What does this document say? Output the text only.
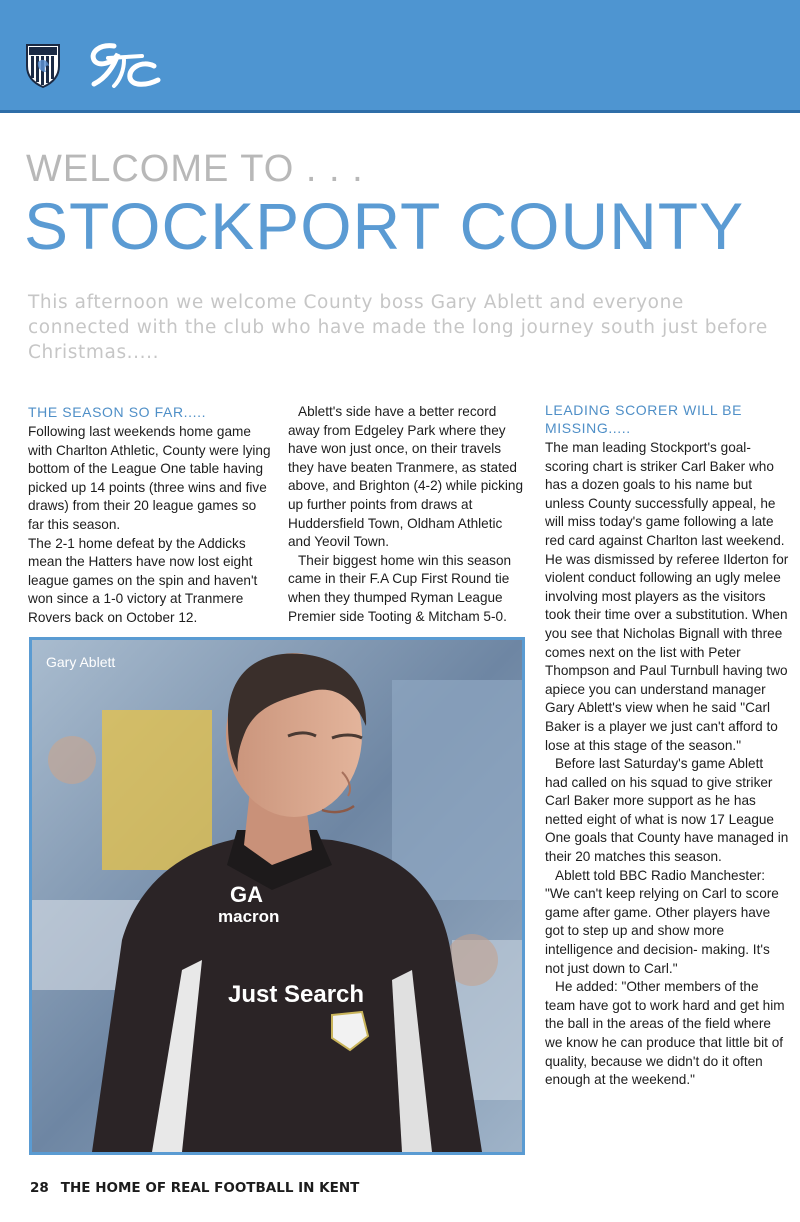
WELCOME TO . . .
STOCKPORT COUNTY
This afternoon we welcome County boss Gary Ablett and everyone connected with the club who have made the long journey south just before Christmas.....
THE SEASON SO FAR.....

Following last weekends home game with Charlton Athletic, County were lying bottom of the League One table having picked up 14 points (three wins and five draws) from their 20 league games so far this season.

The 2-1 home defeat by the Addicks mean the Hatters have now lost eight league games on the spin and haven't won since a 1-0 victory at Tranmere Rovers back on October 12.

Ablett's side have a better record away from Edgeley Park where they have won just once, on their travels they have beaten Tranmere, as stated above, and Brighton (4-2) while picking up further points from draws at Huddersfield Town, Oldham Athletic and Yeovil Town.

Their biggest home win this season came in their F.A Cup First Round tie when they thumped Ryman League Premier side Tooting & Mitcham 5-0.

GA
macron
Just Search
Gary Ablett
LEADING SCORER WILL BE MISSING.....

The man leading Stockport's goal-scoring chart is striker Carl Baker who has a dozen goals to his name but unless County successfully appeal, he will miss today's game following a late red card against Charlton last weekend. He was dismissed by referee Ilderton for violent conduct following an ugly melee involving most players as the visitors took their time over a substitution. When you see that Nicholas Bignall with three comes next on the list with Peter Thompson and Paul Turnbull having two apiece you can understand manager Gary Ablett's view when he said "Carl Baker is a player we just can't afford to lose at this stage of the season."

Before last Saturday's game Ablett had called on his squad to give striker Carl Baker more support as he has netted eight of what is now 17 League One goals that County have managed in their 20 matches this season.

Ablett told BBC Radio Manchester: "We can't keep relying on Carl to score game after game. Other players have got to step up and show more intelligence and decision- making. It's not just down to Carl."

He added: "Other members of the team have got to work hard and get him the ball in the areas of the field where we know he can produce that little bit of quality, because we didn't do it often enough at the weekend."

28 THE HOME OF REAL FOOTBALL IN KENT
